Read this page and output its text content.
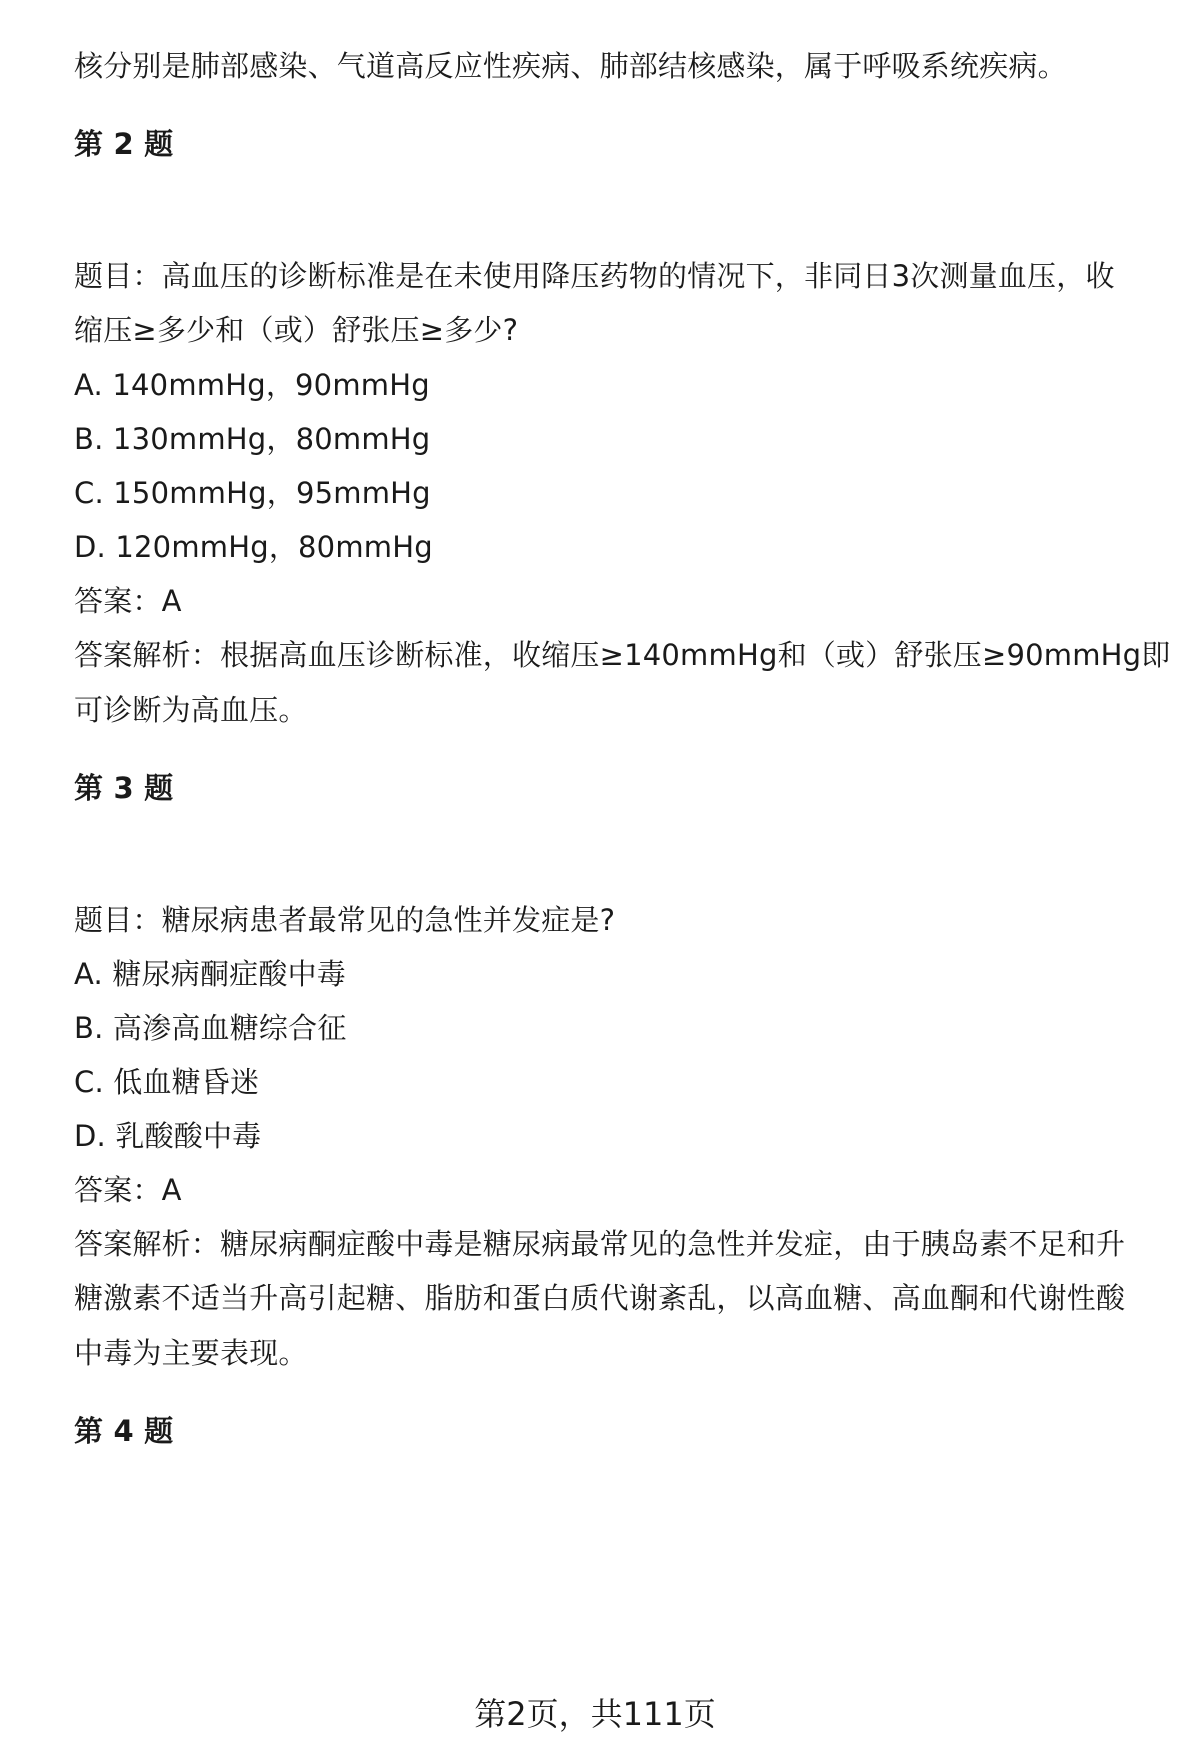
核分别是肺部感染、气道高反应性疾病、肺部结核感染，属于呼吸系统疾病。
第 2 题
题目：高血压的诊断标准是在未使用降压药物的情况下，非同日3次测量血压，收
缩压≥多少和（或）舒张压≥多少?
A. 140mmHg，90mmHg
B. 130mmHg，80mmHg
C. 150mmHg，95mmHg
D. 120mmHg，80mmHg
答案：A
答案解析：根据高血压诊断标准，收缩压≥140mmHg和（或）舒张压≥90mmHg即
可诊断为高血压。
第 3 题
题目：糖尿病患者最常见的急性并发症是?
A. 糖尿病酮症酸中毒
B. 高渗高血糖综合征
C. 低血糖昏迷
D. 乳酸酸中毒
答案：A
答案解析：糖尿病酮症酸中毒是糖尿病最常见的急性并发症，由于胰岛素不足和升
糖激素不适当升高引起糖、脂肪和蛋白质代谢紊乱，以高血糖、高血酮和代谢性酸
中毒为主要表现。
第 4 题
第2页，共111页
